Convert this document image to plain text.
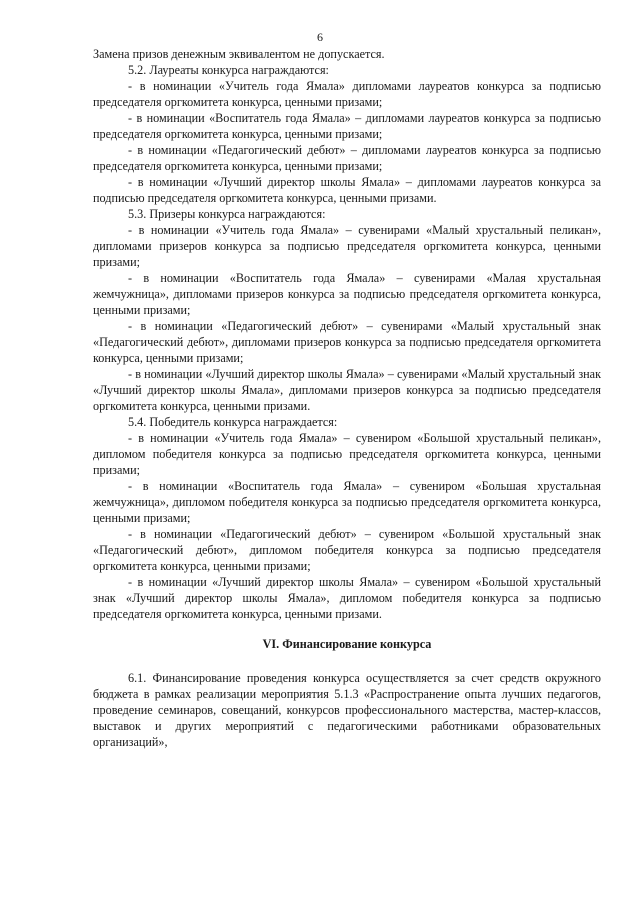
6

Замена призов денежным эквивалентом не допускается.

5.2. Лауреаты конкурса награждаются:

- в номинации «Учитель года Ямала» дипломами лауреатов конкурса за подписью председателя оргкомитета конкурса, ценными призами;

- в номинации «Воспитатель года Ямала» – дипломами лауреатов конкурса за подписью председателя оргкомитета конкурса, ценными призами;

- в номинации «Педагогический дебют» – дипломами лауреатов конкурса за подписью председателя оргкомитета конкурса, ценными призами;

- в номинации «Лучший директор школы Ямала» – дипломами лауреатов конкурса за подписью председателя оргкомитета конкурса, ценными призами.

5.3. Призеры конкурса награждаются:

- в номинации «Учитель года Ямала» – сувенирами «Малый хрустальный пеликан», дипломами призеров конкурса за подписью председателя оргкомитета конкурса, ценными призами;

- в номинации «Воспитатель года Ямала» – сувенирами «Малая хрустальная жемчужница», дипломами призеров конкурса за подписью председателя оргкомитета конкурса, ценными призами;

- в номинации «Педагогический дебют» – сувенирами «Малый хрустальный знак «Педагогический дебют», дипломами призеров конкурса за подписью председателя оргкомитета конкурса, ценными призами;

- в номинации «Лучший директор школы Ямала» – сувенирами «Малый хрустальный знак «Лучший директор школы Ямала», дипломами призеров конкурса за подписью председателя оргкомитета конкурса, ценными призами.

5.4. Победитель конкурса награждается:

- в номинации «Учитель года Ямала» – сувениром «Большой хрустальный пеликан», дипломом победителя конкурса за подписью председателя оргкомитета конкурса, ценными призами;

- в номинации «Воспитатель года Ямала» – сувениром «Большая хрустальная жемчужница», дипломом победителя конкурса за подписью председателя оргкомитета конкурса, ценными призами;

- в номинации «Педагогический дебют» – сувениром «Большой хрустальный знак «Педагогический дебют», дипломом победителя конкурса за подписью председателя оргкомитета конкурса, ценными призами;

- в номинации «Лучший директор школы Ямала» – сувениром «Большой хрустальный знак «Лучший директор школы Ямала», дипломом победителя конкурса за подписью председателя оргкомитета конкурса, ценными призами.

VI. Финансирование конкурса

6.1. Финансирование проведения конкурса осуществляется за счет средств окружного бюджета в рамках реализации мероприятия 5.1.3 «Распространение опыта лучших педагогов, проведение семинаров, совещаний, конкурсов профессионального мастерства, мастер-классов, выставок и других мероприятий с педагогическими работниками образовательных организаций»,
